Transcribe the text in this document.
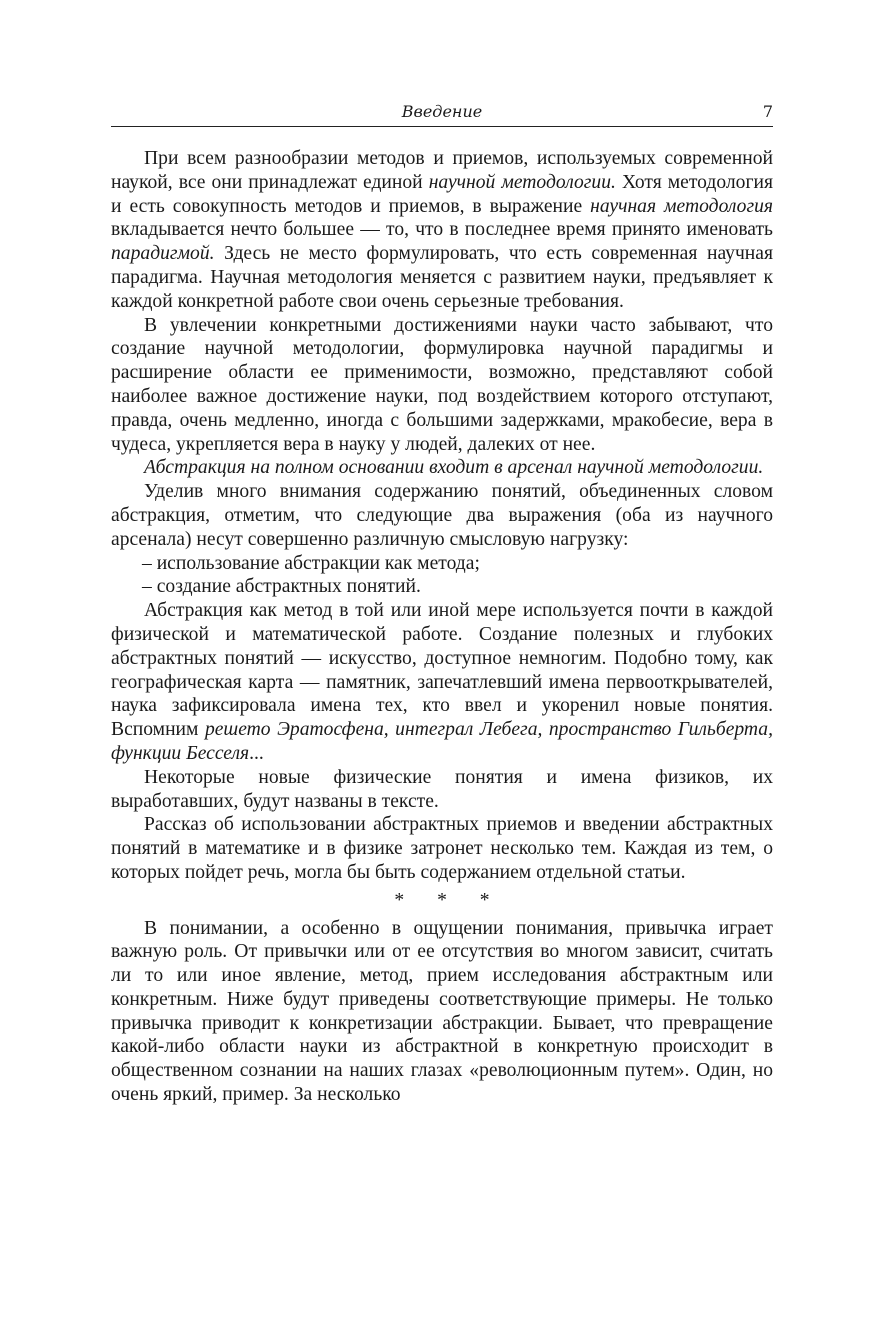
Введение	7

При всем разнообразии методов и приемов, используемых современной наукой, все они принадлежат единой научной методологии. Хотя методология и есть совокупность методов и приемов, в выражение научная методология вкладывается нечто большее — то, что в последнее время принято именовать парадигмой. Здесь не место формулировать, что есть современная научная парадигма. Научная методология меняется с развитием науки, предъявляет к каждой конкретной работе свои очень серьезные требования.

В увлечении конкретными достижениями науки часто забывают, что создание научной методологии, формулировка научной парадигмы и расширение области ее применимости, возможно, представляют собой наиболее важное достижение науки, под воздействием которого отступают, правда, очень медленно, иногда с большими задержками, мракобесие, вера в чудеса, укрепляется вера в науку у людей, далеких от нее.

Абстракция на полном основании входит в арсенал научной методологии.

Уделив много внимания содержанию понятий, объединенных словом абстракция, отметим, что следующие два выражения (оба из научного арсенала) несут совершенно различную смысловую нагрузку:

– использование абстракции как метода;

– создание абстрактных понятий.

Абстракция как метод в той или иной мере используется почти в каждой физической и математической работе. Создание полезных и глубоких абстрактных понятий — искусство, доступное немногим. Подобно тому, как географическая карта — памятник, запечатлевший имена первооткрывателей, наука зафиксировала имена тех, кто ввел и укоренил новые понятия. Вспомним решето Эратосфена, интеграл Лебега, пространство Гильберта, функции Бесселя...

Некоторые новые физические понятия и имена физиков, их выработавших, будут названы в тексте.

Рассказ об использовании абстрактных приемов и введении абстрактных понятий в математике и в физике затронет несколько тем. Каждая из тем, о которых пойдет речь, могла бы быть содержанием отдельной статьи.

* * *

В понимании, а особенно в ощущении понимания, привычка играет важную роль. От привычки или от ее отсутствия во многом зависит, считать ли то или иное явление, метод, прием исследования абстрактным или конкретным. Ниже будут приведены соответствующие примеры. Не только привычка приводит к конкретизации абстракции. Бывает, что превращение какой-либо области науки из абстрактной в конкретную происходит в общественном сознании на наших глазах «революционным путем». Один, но очень яркий, пример. За несколько
